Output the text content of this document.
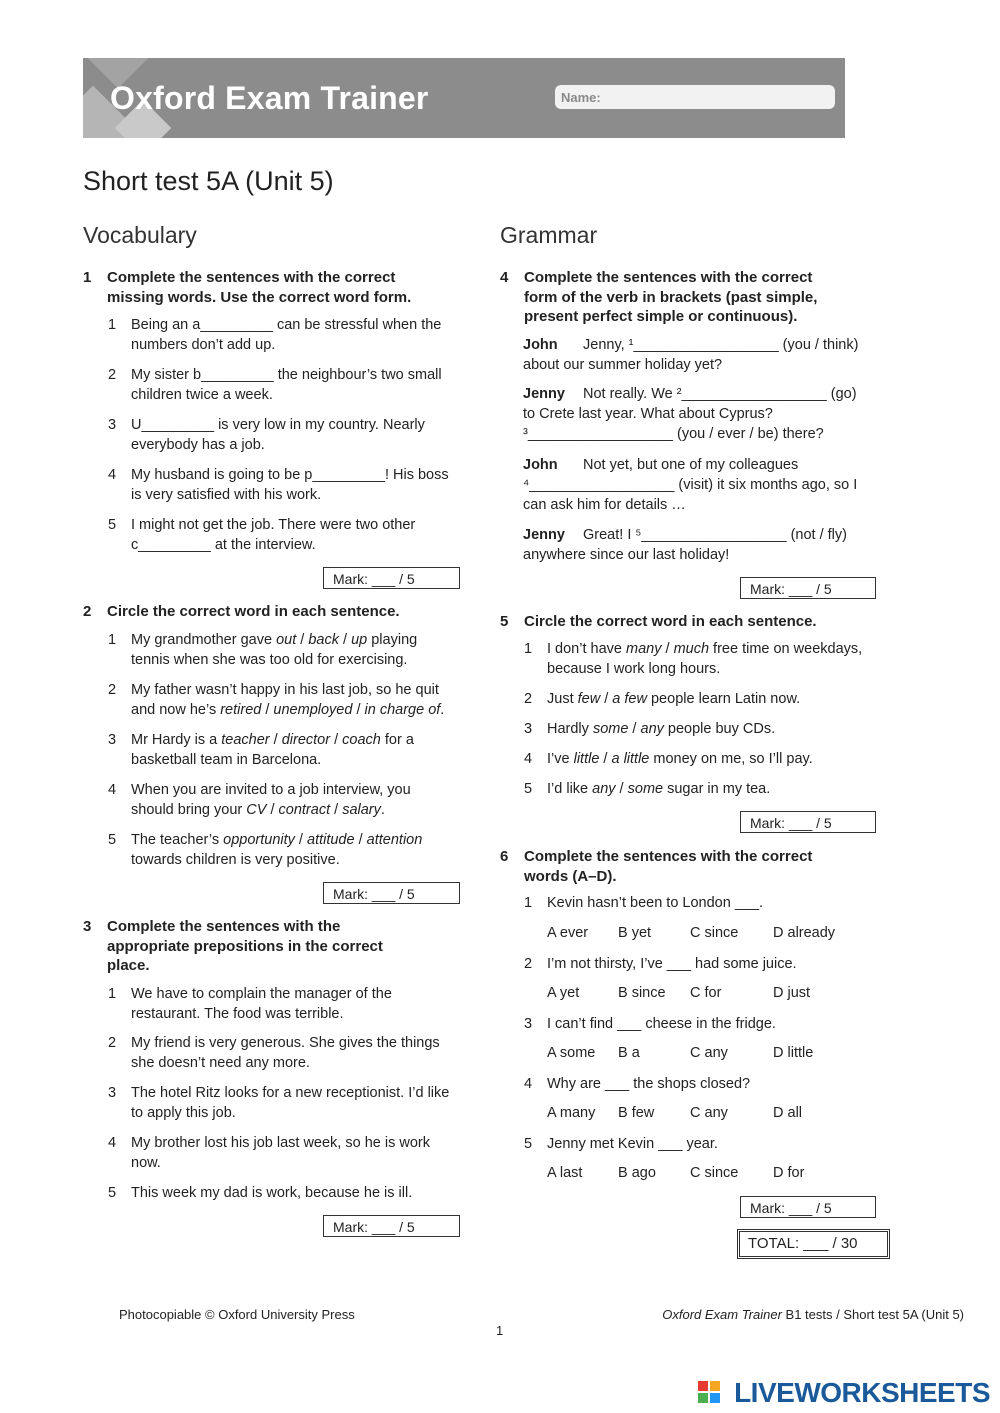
Oxford Exam Trainer	Name:
Short test 5A (Unit 5)
Vocabulary
1 Complete the sentences with the correct
missing words. Use the correct word form.
1 Being an a_________ can be stressful when the
numbers don’t add up.
2 My sister b_________ the neighbour’s two small
children twice a week.
3 U_________ is very low in my country. Nearly
everybody has a job.
4 My husband is going to be p_________! His boss
is very satisfied with his work.
5 I might not get the job. There were two other
c_________ at the interview.
Mark: ___ / 5
2 Circle the correct word in each sentence.
1 My grandmother gave out / back / up playing
tennis when she was too old for exercising.
2 My father wasn’t happy in his last job, so he quit
and now he’s retired / unemployed / in charge of.
3 Mr Hardy is a teacher / director / coach for a
basketball team in Barcelona.
4 When you are invited to a job interview, you
should bring your CV / contract / salary.
5 The teacher’s opportunity / attitude / attention
towards children is very positive.
Mark: ___ / 5
3 Complete the sentences with the
appropriate prepositions in the correct
place.
1 We have to complain the manager of the
restaurant. The food was terrible.
2 My friend is very generous. She gives the things
she doesn’t need any more.
3 The hotel Ritz looks for a new receptionist. I’d like
to apply this job.
4 My brother lost his job last week, so he is work
now.
5 This week my dad is work, because he is ill.
Mark: ___ / 5
Grammar
4 Complete the sentences with the correct
form of the verb in brackets (past simple,
present perfect simple or continuous).
John Jenny, ¹__________________ (you / think)
about our summer holiday yet?
Jenny Not really. We ²__________________ (go)
to Crete last year. What about Cyprus?
³__________________ (you / ever / be) there?
John Not yet, but one of my colleagues
⁴__________________ (visit) it six months ago, so I
can ask him for details …
Jenny Great! I ⁵__________________ (not / fly)
anywhere since our last holiday!
Mark: ___ / 5
5 Circle the correct word in each sentence.
1 I don’t have many / much free time on weekdays,
because I work long hours.
2 Just few / a few people learn Latin now.
3 Hardly some / any people buy CDs.
4 I’ve little / a little money on me, so I’ll pay.
5 I’d like any / some sugar in my tea.
Mark: ___ / 5
6 Complete the sentences with the correct
words (A–D).
1 Kevin hasn’t been to London ___.
A ever B yet	C since D already
2 I’m not thirsty, I’ve ___ had some juice.
A yet	B since C for	D just
3 I can’t find ___ cheese in the fridge.
A some B a	C any	D little
4 Why are ___ the shops closed?
A many B few C any	D all
5 Jenny met Kevin ___ year.
A last B ago C since D for
Mark: ___ / 5
TOTAL: ___ / 30
Photocopiable © Oxford University Press	Oxford Exam Trainer B1 tests / Short test 5A (Unit 5)
1
LIVEWORKSHEETS
